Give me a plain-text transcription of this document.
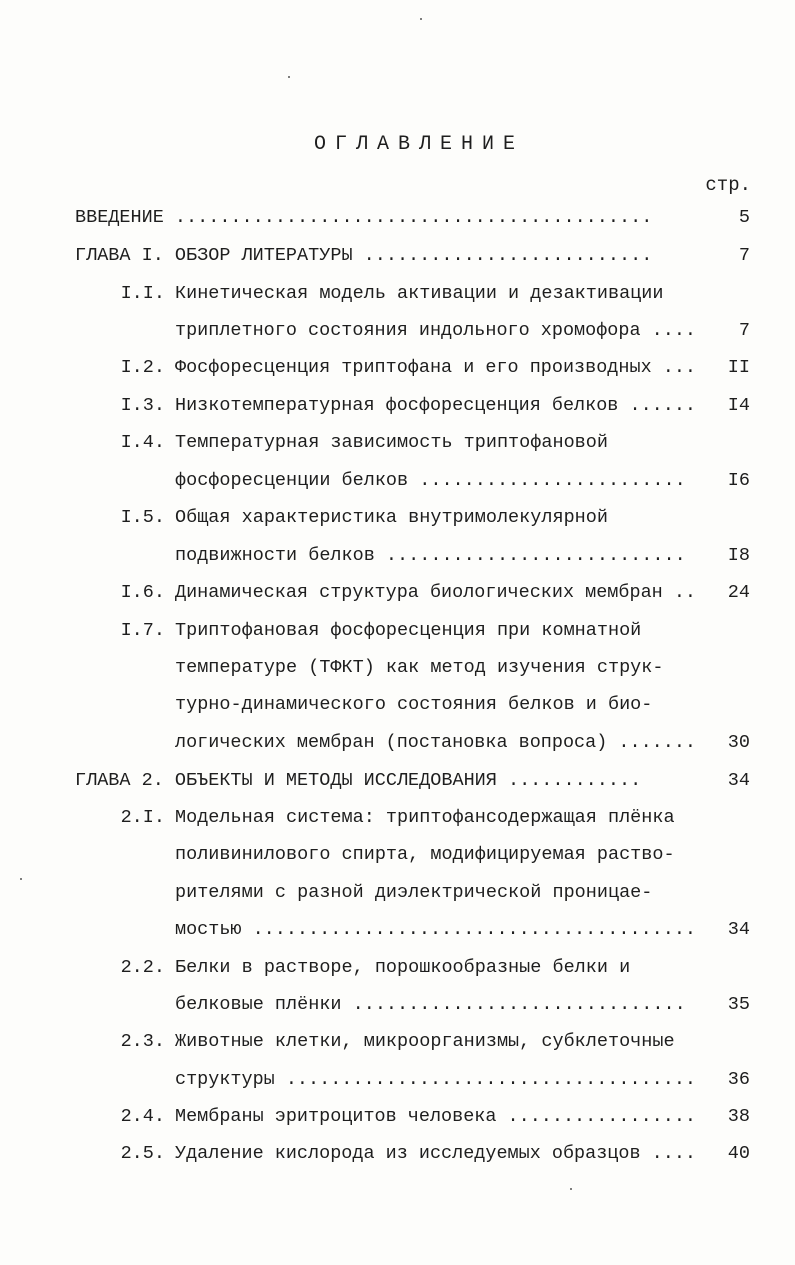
ОГЛАВЛЕНИЕ
стр.
ВВЕДЕНИЕ ...........................................	5
ГЛАВА I. ОБЗОР ЛИТЕРАТУРЫ ..........................	7
I.I. Кинетическая модель активации и дезактивации
триплетного состояния индольного хромофора ....	7
I.2. Фосфоресценция триптофана и его производных ...	II
I.3. Низкотемпературная фосфоресценция белков ......	I4
I.4. Температурная зависимость триптофановой
фосфоресценции белков ........................	I6
I.5. Общая характеристика внутримолекулярной
подвижности белков ...........................	I8
I.6. Динамическая структура биологических мембран ..	24
I.7. Триптофановая фосфоресценция при комнатной
температуре (ТФКТ) как метод изучения струк-
турно-динамического состояния белков и био-
логических мембран (постановка вопроса) .......	30
ГЛАВА 2. ОБЪЕКТЫ И МЕТОДЫ ИССЛЕДОВАНИЯ ............	34
2.I. Модельная система: триптофансодержащая плёнка
поливинилового спирта, модифицируемая раство-
рителями с разной диэлектрической проницае-
мостью ........................................	34
2.2. Белки в растворе, порошкообразные белки и
белковые плёнки ..............................	35
2.3. Животные клетки, микроорганизмы, субклеточные
структуры .....................................	36
2.4. Мембраны эритроцитов человека .................	38
2.5. Удаление кислорода из исследуемых образцов ....	40
